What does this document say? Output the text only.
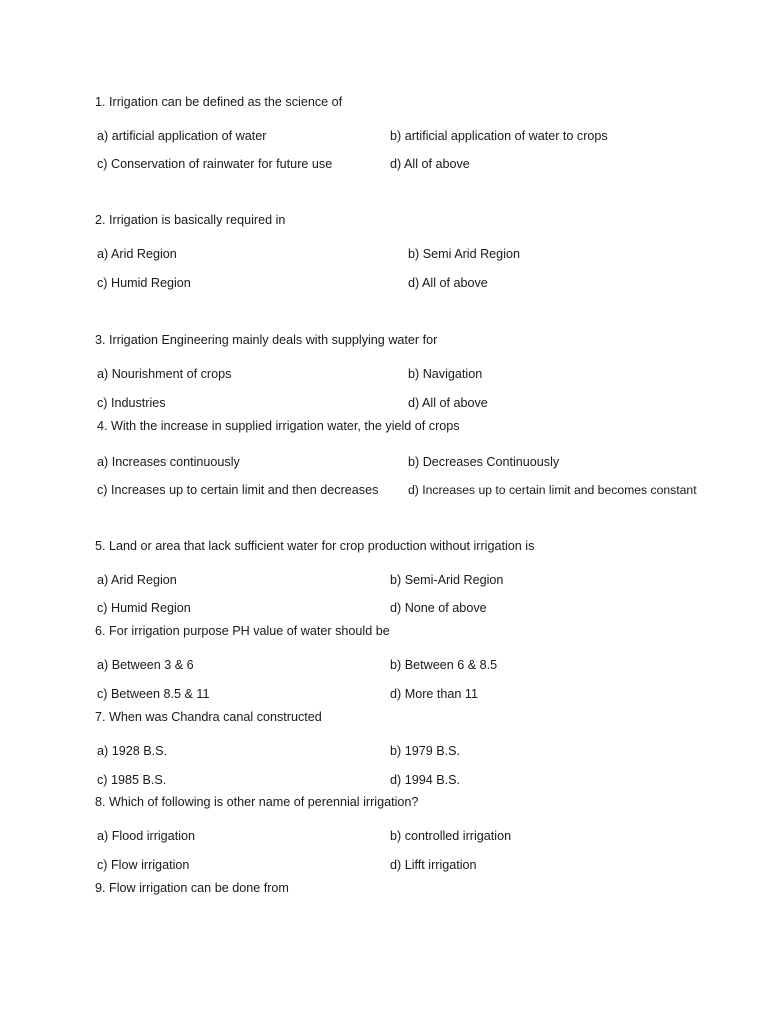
1. Irrigation can be defined as the science of
a) artificial application of water	b) artificial application of water to crops
c) Conservation of rainwater for future use	d) All of above
2. Irrigation is basically required in
a) Arid Region	b) Semi Arid Region
c) Humid Region	d) All of above
3. Irrigation Engineering mainly deals with supplying water for
a) Nourishment of crops	b) Navigation
c) Industries	d) All of above
4. With the increase in supplied irrigation water, the yield of crops
a) Increases continuously	b) Decreases Continuously
c) Increases up to certain limit and then decreases d) Increases up to certain limit and becomes constant
5. Land or area that lack sufficient water for crop production without irrigation is
a) Arid Region	b) Semi-Arid Region
c) Humid Region	d) None of above
6. For irrigation purpose PH value of water should be
a) Between 3 & 6	b) Between 6 & 8.5
c) Between 8.5 & 11	d) More than 11
7. When was Chandra canal constructed
a) 1928 B.S.	b) 1979 B.S.
c) 1985 B.S.	d) 1994 B.S.
8. Which of following is other name of perennial irrigation?
a) Flood irrigation	b) controlled irrigation
c) Flow irrigation	d) Lifft irrigation
9. Flow irrigation can be done from
